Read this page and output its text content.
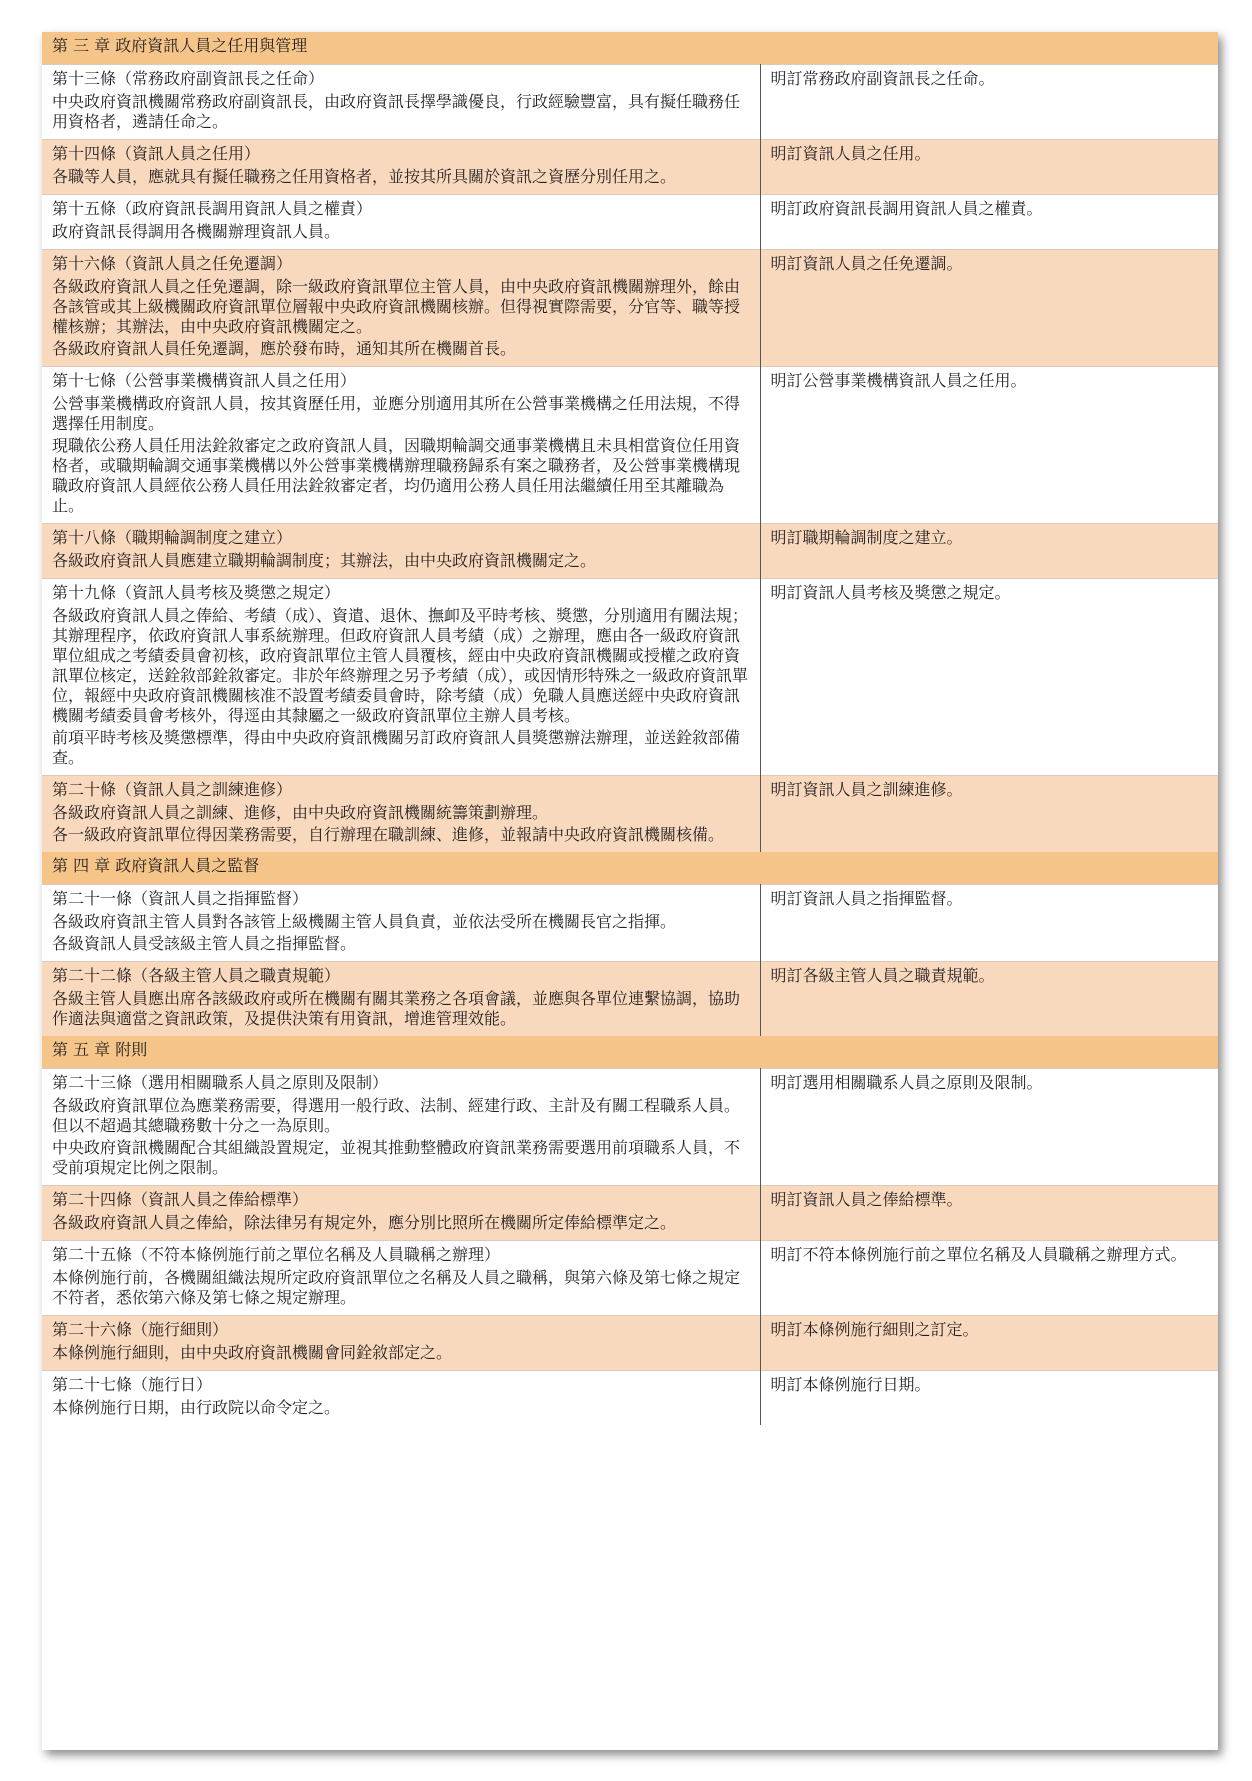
第 三 章 政府資訊人員之任用與管理	

第十三條（常務政府副資訊長之任命）
中央政府資訊機關常務政府副資訊長，由政府資訊長擇學識優良，行政經驗豐富，具有擬任職務任用資格者，遴請任命之。	明訂常務政府副資訊長之任命。

第十四條（資訊人員之任用）
各職等人員，應就具有擬任職務之任用資格者，並按其所具關於資訊之資歷分別任用之。	明訂資訊人員之任用。

第十五條（政府資訊長調用資訊人員之權責）
政府資訊長得調用各機關辦理資訊人員。	明訂政府資訊長調用資訊人員之權責。

第十六條（資訊人員之任免遷調）
各級政府資訊人員之任免遷調，除一級政府資訊單位主管人員，由中央政府資訊機關辦理外，餘由各該管或其上級機關政府資訊單位層報中央政府資訊機關核辦。但得視實際需要，分官等、職等授權核辦；其辦法，由中央政府資訊機關定之。
各級政府資訊人員任免遷調，應於發布時，通知其所在機關首長。	明訂資訊人員之任免遷調。

第十七條（公營事業機構資訊人員之任用）
公營事業機構政府資訊人員，按其資歷任用，並應分別適用其所在公營事業機構之任用法規，不得選擇任用制度。
現職依公務人員任用法銓敘審定之政府資訊人員，因職期輪調交通事業機構且未具相當資位任用資格者，或職期輪調交通事業機構以外公營事業機構辦理職務歸系有案之職務者，及公營事業機構現職政府資訊人員經依公務人員任用法銓敘審定者，均仍適用公務人員任用法繼續任用至其離職為止。	明訂公營事業機構資訊人員之任用。

第十八條（職期輪調制度之建立）
各級政府資訊人員應建立職期輪調制度；其辦法，由中央政府資訊機關定之。	明訂職期輪調制度之建立。

第十九條（資訊人員考核及獎懲之規定）
各級政府資訊人員之俸給、考績（成）、資遣、退休、撫卹及平時考核、獎懲，分別適用有關法規；其辦理程序，依政府資訊人事系統辦理。但政府資訊人員考績（成）之辦理，應由各一級政府資訊單位組成之考績委員會初核，政府資訊單位主管人員覆核，經由中央政府資訊機關或授權之政府資訊單位核定，送銓敘部銓敘審定。非於年終辦理之另予考績（成），或因情形特殊之一級政府資訊單位，報經中央政府資訊機關核准不設置考績委員會時，除考績（成）免職人員應送經中央政府資訊機關考績委員會考核外，得逕由其隸屬之一級政府資訊單位主辦人員考核。
前項平時考核及獎懲標準，得由中央政府資訊機關另訂政府資訊人員獎懲辦法辦理，並送銓敘部備查。	明訂資訊人員考核及獎懲之規定。

第二十條（資訊人員之訓練進修）
各級政府資訊人員之訓練、進修，由中央政府資訊機關統籌策劃辦理。
各一級政府資訊單位得因業務需要，自行辦理在職訓練、進修，並報請中央政府資訊機關核備。	明訂資訊人員之訓練進修。

第 四 章 政府資訊人員之監督	

第二十一條（資訊人員之指揮監督）
各級政府資訊主管人員對各該管上級機關主管人員負責，並依法受所在機關長官之指揮。
各級資訊人員受該級主管人員之指揮監督。	明訂資訊人員之指揮監督。

第二十二條（各級主管人員之職責規範）
各級主管人員應出席各該級政府或所在機關有關其業務之各項會議，並應與各單位連繫協調，協助作適法與適當之資訊政策，及提供決策有用資訊，增進管理效能。	明訂各級主管人員之職責規範。

第 五 章 附則	

第二十三條（選用相關職系人員之原則及限制）
各級政府資訊單位為應業務需要，得選用一般行政、法制、經建行政、主計及有關工程職系人員。但以不超過其總職務數十分之一為原則。
中央政府資訊機關配合其組織設置規定，並視其推動整體政府資訊業務需要選用前項職系人員，不受前項規定比例之限制。	明訂選用相關職系人員之原則及限制。

第二十四條（資訊人員之俸給標準）
各級政府資訊人員之俸給，除法律另有規定外，應分別比照所在機關所定俸給標準定之。	明訂資訊人員之俸給標準。

第二十五條（不符本條例施行前之單位名稱及人員職稱之辦理）
本條例施行前，各機關組織法規所定政府資訊單位之名稱及人員之職稱，與第六條及第七條之規定不符者，悉依第六條及第七條之規定辦理。	明訂不符本條例施行前之單位名稱及人員職稱之辦理方式。

第二十六條（施行細則）
本條例施行細則，由中央政府資訊機關會同銓敘部定之。	明訂本條例施行細則之訂定。

第二十七條（施行日）
本條例施行日期，由行政院以命令定之。	明訂本條例施行日期。
